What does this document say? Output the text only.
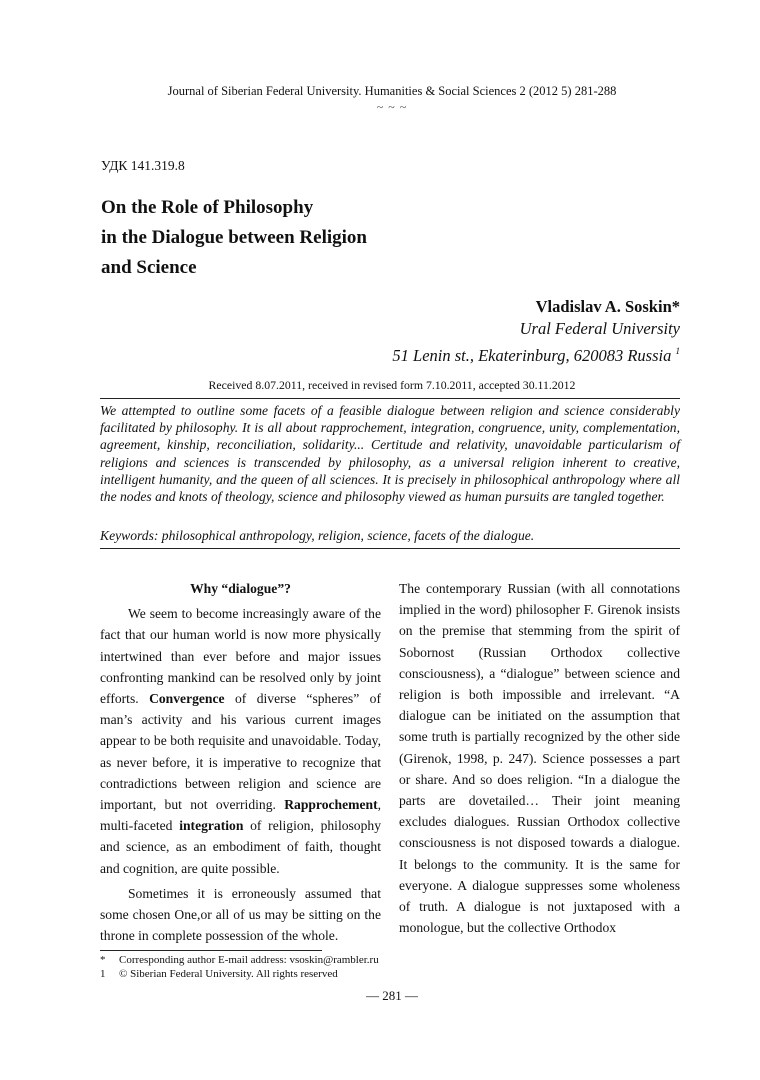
Journal of Siberian Federal University. Humanities & Social Sciences 2 (2012 5) 281-288
~ ~ ~
УДК 141.319.8
On the Role of Philosophy
in the Dialogue between Religion
and Science
Vladislav A. Soskin*
Ural Federal University
51 Lenin st., Ekaterinburg, 620083 Russia $^1$
Received 8.07.2011, received in revised form 7.10.2011, accepted 30.11.2012
We attempted to outline some facets of a feasible dialogue between religion and science considerably facilitated by philosophy. It is all about rapprochement, integration, congruence, unity, complementation, agreement, kinship, reconciliation, solidarity... Certitude and relativity, unavoidable particularism of religions and sciences is transcended by philosophy, as a universal religion inherent to creative, intelligent humanity, and the queen of all sciences. It is precisely in philosophical anthropology where all the nodes and knots of theology, science and philosophy viewed as human pursuits are tangled together.
Keywords: philosophical anthropology, religion, science, facets of the dialogue.

Why “dialogue”?

We seem to become increasingly aware of the fact that our human world is now more physically intertwined than ever before and major issues confronting mankind can be resolved only by joint efforts. Convergence of diverse “spheres” of man’s activity and his various current images appear to be both requisite and unavoidable. Today, as never before, it is imperative to recognize that contradictions between religion and science are important, but not overriding. Rapprochement, multi-faceted integration of religion, philosophy and science, as an embodiment of faith, thought and cognition, are quite possible.

Sometimes it is erroneously assumed that some chosen One,or all of us may be sitting on the throne in complete possession of the whole.

The contemporary Russian (with all connotations implied in the word) philosopher F. Girenok insists on the premise that stemming from the spirit of Sobornost (Russian Orthodox collective consciousness), a “dialogue” between science and religion is both impossible and irrelevant. “A dialogue can be initiated on the assumption that some truth is partially recognized by the other side (Girenok, 1998, p. 247). Science possesses a part or share. And so does religion. “In a dialogue the parts are dovetailed… Their joint meaning excludes dialogues. Russian Orthodox collective consciousness is not disposed towards a dialogue. It belongs to the community. It is the same for everyone. A dialogue suppresses some wholeness of truth. A dialogue is not juxtaposed with a monologue, but the collective Orthodox

* Corresponding author E-mail address: vsoskin@rambler.ru
1 © Siberian Federal University. All rights reserved
— 281 —
